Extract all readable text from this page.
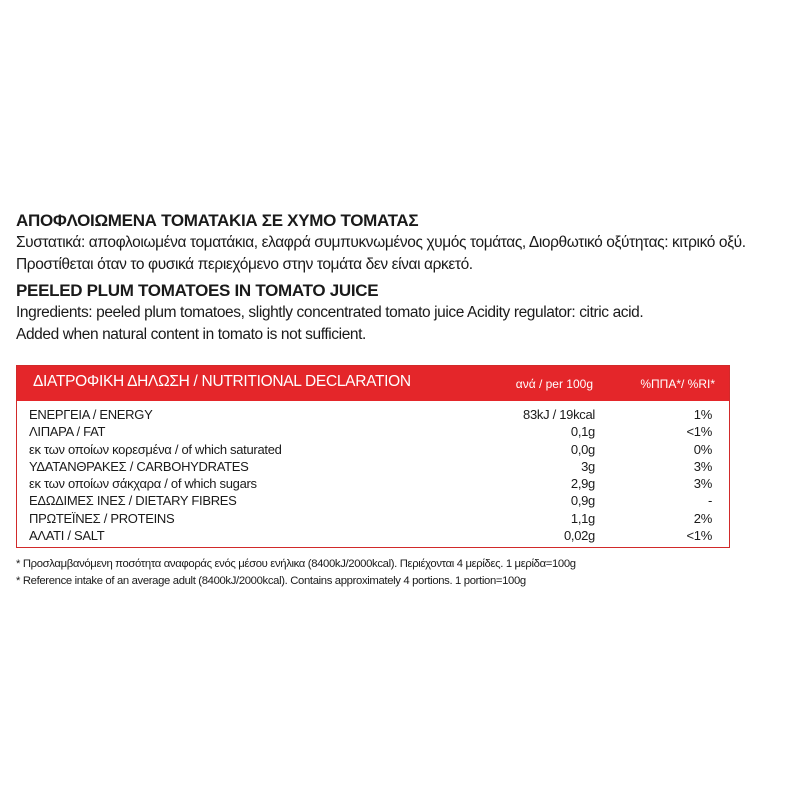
ΑΠΟΦΛΟΙΩΜΕΝΑ ΤΟΜΑΤΑΚΙΑ ΣΕ ΧΥΜΟ ΤΟΜΑΤΑΣ
Συστατικά: αποφλοιωμένα τοματάκια, ελαφρά συμπυκνωμένος χυμός τομάτας, Διορθωτικό οξύτητας: κιτρικό οξύ.
Προστίθεται όταν το φυσικά περιεχόμενο στην τομάτα δεν είναι αρκετό.
PEELED PLUM TOMATOES IN TOMATO JUICE
Ingredients: peeled plum tomatoes, slightly concentrated tomato juice Acidity regulator: citric acid.
Added when natural content in tomato is not sufficient.
ΔΙΑΤΡΟΦΙΚΗ ΔΗΛΩΣΗ / NUTRITIONAL DECLARATION	ανά / per 100g	%ΠΠΑ*/ %RI*
ΕΝΕΡΓΕΙΑ / ENERGY	83kJ / 19kcal	1%
ΛΙΠΑΡΑ / FAT	0,1g	<1%
εκ των οποίων κορεσμένα / of which saturated	0,0g	0%
ΥΔΑΤΑΝΘΡΑΚΕΣ / CARBOHYDRATES	3g	3%
εκ των οποίων σάκχαρα / of which sugars	2,9g	3%
ΕΔΩΔΙΜΕΣ ΙΝΕΣ / DIETARY FIBRES	0,9g	-
ΠΡΩΤΕΪΝΕΣ / PROTEINS	1,1g	2%
ΑΛΑΤΙ / SALT	0,02g	<1%
* Προσλαμβανόμενη ποσότητα αναφοράς ενός μέσου ενήλικα (8400kJ/2000kcal). Περιέχονται 4 μερίδες. 1 μερίδα=100g
* Reference intake of an average adult (8400kJ/2000kcal). Contains approximately 4 portions. 1 portion=100g
